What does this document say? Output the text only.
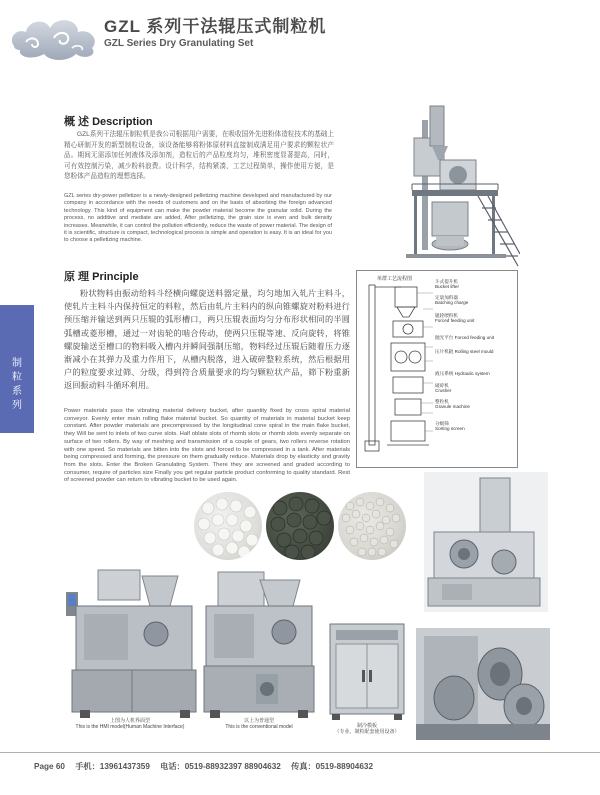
GZL 系列干法辊压式制粒机
GZL Series Dry Granulating Set
制粒系列
概 述 Description
GZL系列干法辊压制粒机是我公司根据用户需要，在吸收国外先进粉体造粒技术的基础上精心研制开发的新型制粒设备，该设备能够将粉体原材料直接制成满足用户要求的颗粒状产品。期间无需添加任何液体及添加剂，造粒后的产品粒度均匀，堆积密度显著提高，同时，可有效控制污染，减少粉料浪费。设计科学，结构紧凑，工艺过程简单，操作使用方便，是您粉体产品造粒的理想选择。
GZL series dry-power pelletizer is a newly-designed pelletizing machine developed and manufactured by our company in accordance with the needs of customers and on the basis of absorbing the foreign advanced technology. This kind of equipment can make the powder material become the granular solid. During the process, no additive and mediate are added, After pelletizing, the grain size is even and bulk density increases. Meanwhile, it can control the pollution efficiently, reduce the waste of power material. The design of it is scientific, structure is compact, technological process is simple and operation is easy. It is an ideal for you to choose a pelletizing machine.
原 理 Principle
粉状物料由振动给料斗经横向螺旋送料器定量，均匀地加入轧片主料斗，使轧片主料斗内保持恒定的料粒，然后由轧片主料内的纵向锥螺旋对粉料进行预压缩并输送到两只压辊的弧形槽口，两只压辊表面均匀分布形状相同的半圆弧槽或菱形槽，通过一对齿轮的啮合传动，使两只压辊等速、反向旋转，将锥螺旋输送至槽口的物料吸入槽内并瞬间强制压缩，物料经过压辊后随着压力逐渐减小在其弹力及重力作用下，从槽内脱落，进入破碎整粒系统，然后根据用户的粒度要求过筛、分级，得到符合质量要求的均匀颗粒状产品，筛下粉重新返回振动料斗循环利用。
Power materials pass the vibrating material delivery bucket, after quantity fixed by cross spiral material conveyor. Evenly enter main rolling flake material bucket. So quantity of materials in material bucket keep constant. After powder materials are precompressed by the longitudinal cone spiral in the main flake bucket, they Will be sent to inlets of two curve slots. Half oblate slots of rhomb slots or rhomb slots evenly separate on surface of two rollers. By way of meshing and transmission of a couple of gears, two rollers reverse rotation with one speed. So materials are bitten into the slots and forced to be compressed in a tank. After materials being compressed and forming, the pressure on them gradually reduce. Materials drop by elasticity and gravity from the slots. Enter the Broken Granulating System. There they are screened and graded according to consumer, require of particles size Finally you get regular particle product conforming to quality standard. Rest of screened powder can return to vibrating bucket to be used again.
单群工艺流程图	斗式提升机
Bucket lifter
定量加料器
Batching charge
辊轮喂料机
Forced feeding unit
抛光平台 Forced feeding unit
压片机辊 Rolling steel mould
液压系统 Hydraulic system
破碎机
Crusher
整粒机
Granule machine
分级筛
Sorting screen
上图为人机界面型
This is the HMI model(Human Machine Interface)
以上为普通型
This is the conventional model	制冷模板
（专业、制粒配套使用设备）
Page 60 手机：13961437359 电话：0519-88932397 88904632 传真：0519-88904632
